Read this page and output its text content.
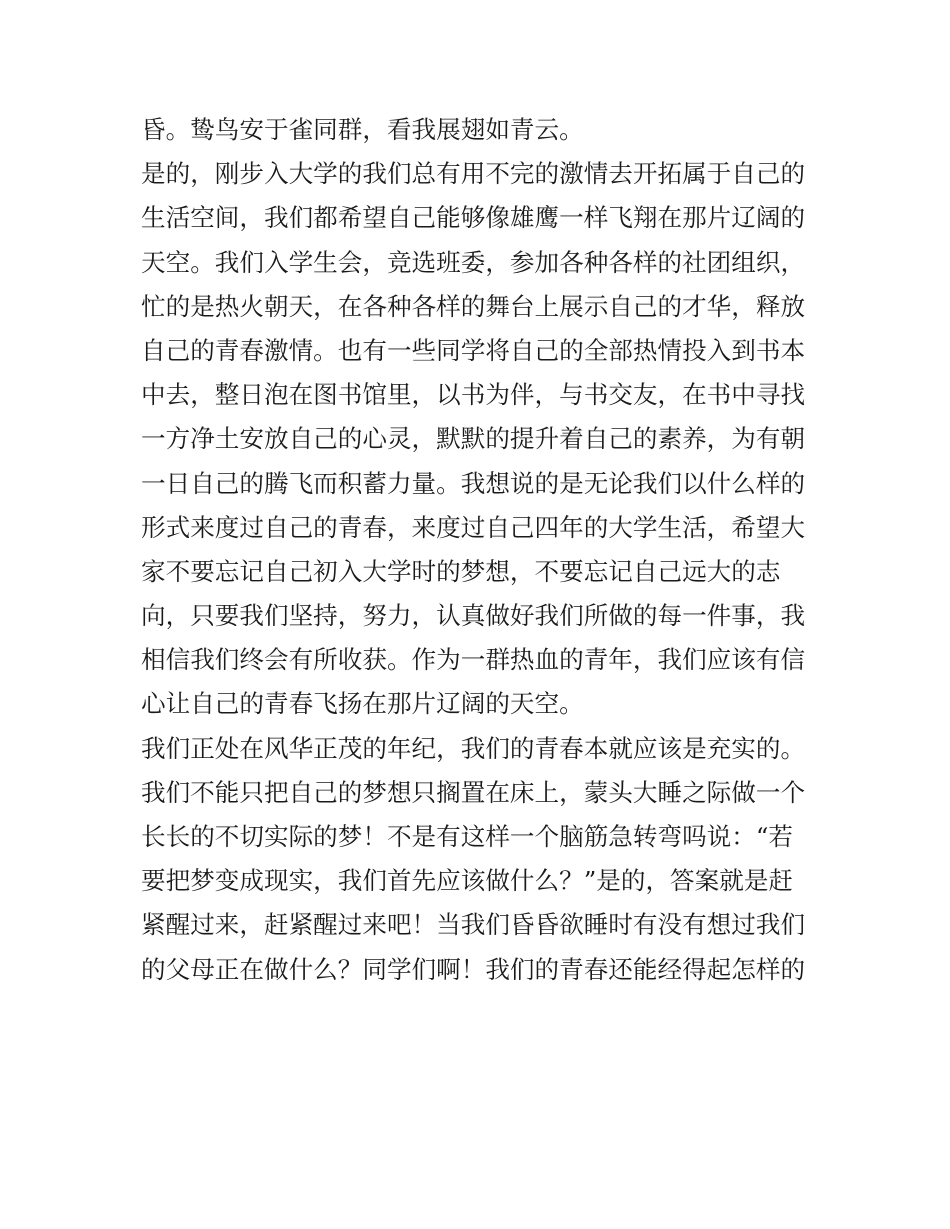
昏。鸷鸟安于雀同群，看我展翅如青云。
是的，刚步入大学的我们总有用不完的激情去开拓属于自己的
生活空间，我们都希望自己能够像雄鹰一样飞翔在那片辽阔的
天空。我们入学生会，竞选班委，参加各种各样的社团组织，
忙的是热火朝天，在各种各样的舞台上展示自己的才华，释放
自己的青春激情。也有一些同学将自己的全部热情投入到书本
中去，整日泡在图书馆里，以书为伴，与书交友，在书中寻找
一方净土安放自己的心灵，默默的提升着自己的素养，为有朝
一日自己的腾飞而积蓄力量。我想说的是无论我们以什么样的
形式来度过自己的青春，来度过自己四年的大学生活，希望大
家不要忘记自己初入大学时的梦想，不要忘记自己远大的志
向，只要我们坚持，努力，认真做好我们所做的每一件事，我
相信我们终会有所收获。作为一群热血的青年，我们应该有信
心让自己的青春飞扬在那片辽阔的天空。
我们正处在风华正茂的年纪，我们的青春本就应该是充实的。
我们不能只把自己的梦想只搁置在床上，蒙头大睡之际做一个
长长的不切实际的梦！不是有这样一个脑筋急转弯吗说：“若
要把梦变成现实，我们首先应该做什么？”是的，答案就是赶
紧醒过来，赶紧醒过来吧！当我们昏昏欲睡时有没有想过我们
的父母正在做什么？同学们啊！我们的青春还能经得起怎样的
